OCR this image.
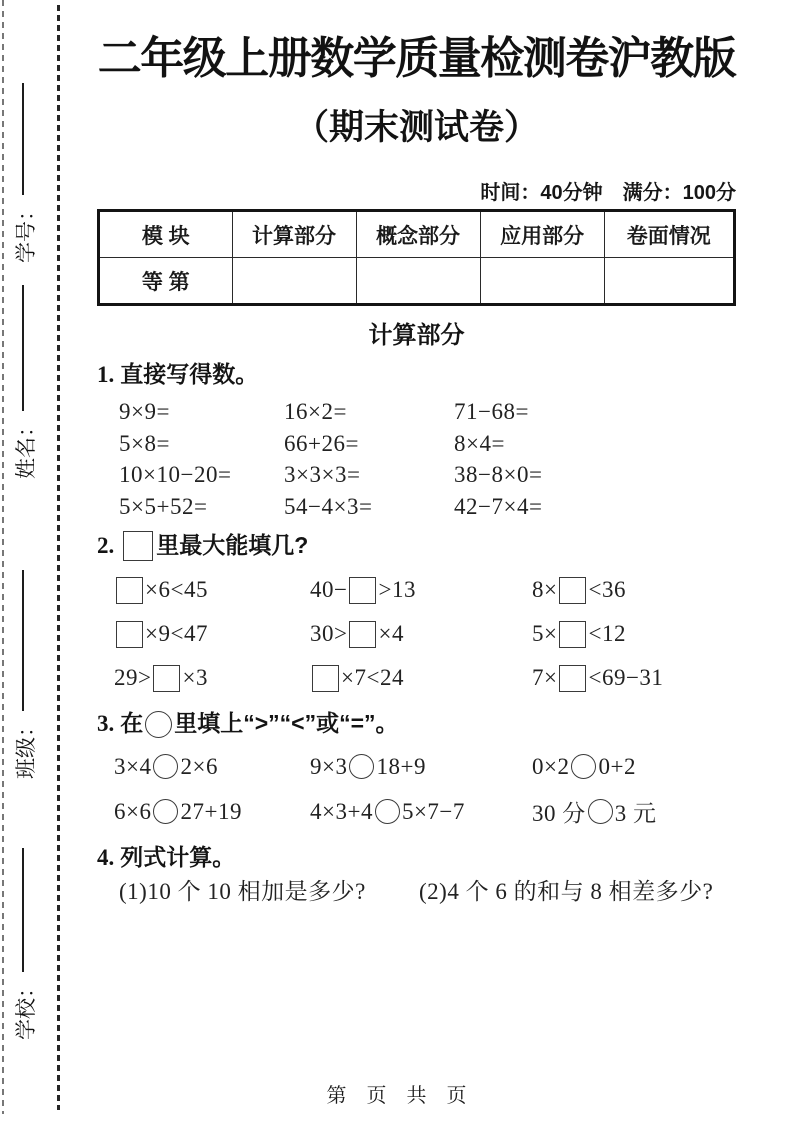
学号：
姓名：
班级：
学校：
二年级上册数学质量检测卷沪教版
（期末测试卷）
时间：40分钟　满分：100分
模 块	计算部分	概念部分	应用部分	卷面情况
等 第				
计算部分
1. 直接写得数。
9×9=	16×2=	71−68=
5×8=	66+26=	8×4=
10×10−20=	3×3×3=	38−8×0=
5×5+52=	54−4×3=	42−7×4=
2. 里最大能填几?
×6<45	40− >13	8× <36
×9<47	30> ×4	5× <12
29> ×3	×7<24	7× <69−31
3. 在 里填上“>”“<”或“=”。
3×4 2×6	9×3 18+9	0×2 0+2
6×6 27+19	4×3+4 5×7−7	30 分 3 元
4. 列式计算。
(1)10 个 10 相加是多少?	(2)4 个 6 的和与 8 相差多少?
第　页　共　页
